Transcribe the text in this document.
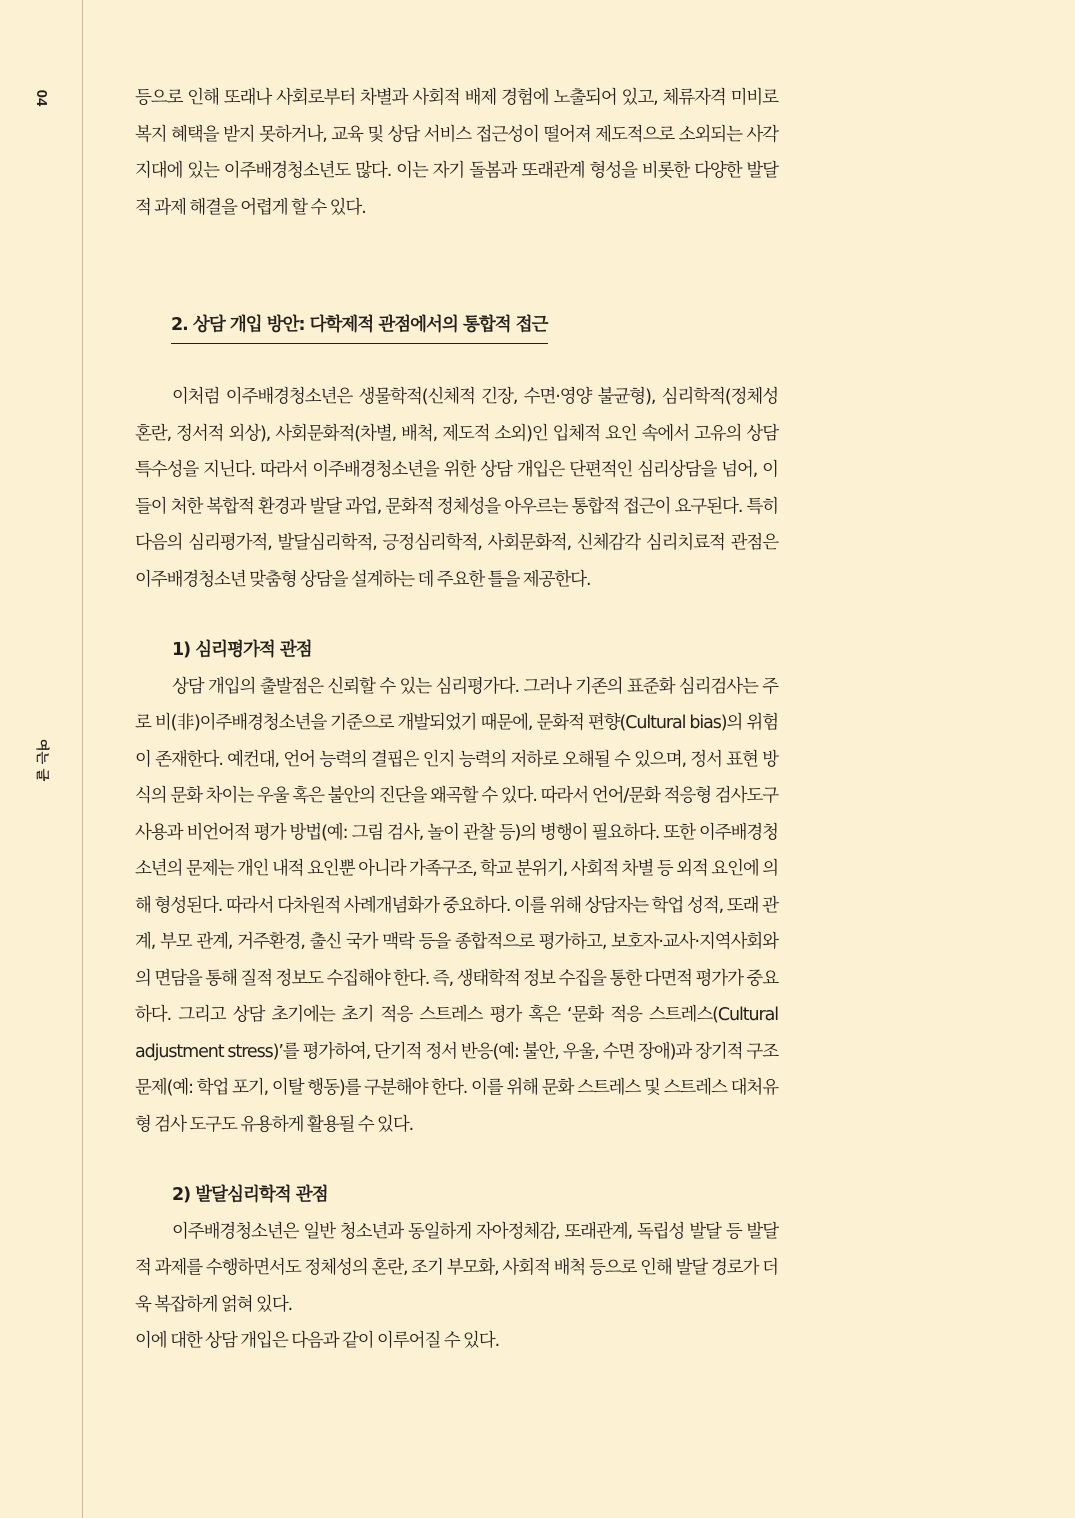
04
여는 글

등으로 인해 또래나 사회로부터 차별과 사회적 배제 경험에 노출되어 있고, 체류자격 미비로 복지 혜택을 받지 못하거나, 교육 및 상담 서비스 접근성이 떨어져 제도적으로 소외되는 사각지대에 있는 이주배경청소년도 많다. 이는 자기 돌봄과 또래관계 형성을 비롯한 다양한 발달적 과제 해결을 어렵게 할 수 있다.

2. 상담 개입 방안: 다학제적 관점에서의 통합적 접근

이처럼 이주배경청소년은 생물학적(신체적 긴장, 수면·영양 불균형), 심리학적(정체성 혼란, 정서적 외상), 사회문화적(차별, 배척, 제도적 소외)인 입체적 요인 속에서 고유의 상담 특수성을 지닌다. 따라서 이주배경청소년을 위한 상담 개입은 단편적인 심리상담을 넘어, 이들이 처한 복합적 환경과 발달 과업, 문화적 정체성을 아우르는 통합적 접근이 요구된다. 특히 다음의 심리평가적, 발달심리학적, 긍정심리학적, 사회문화적, 신체감각 심리치료적 관점은 이주배경청소년 맞춤형 상담을 설계하는 데 주요한 틀을 제공한다.

1) 심리평가적 관점

상담 개입의 출발점은 신뢰할 수 있는 심리평가다. 그러나 기존의 표준화 심리검사는 주로 비(非)이주배경청소년을 기준으로 개발되었기 때문에, 문화적 편향(Cultural bias)의 위험이 존재한다. 예컨대, 언어 능력의 결핍은 인지 능력의 저하로 오해될 수 있으며, 정서 표현 방식의 문화 차이는 우울 혹은 불안의 진단을 왜곡할 수 있다. 따라서 언어/문화 적응형 검사도구 사용과 비언어적 평가 방법(예: 그림 검사, 놀이 관찰 등)의 병행이 필요하다. 또한 이주배경청소년의 문제는 개인 내적 요인뿐 아니라 가족구조, 학교 분위기, 사회적 차별 등 외적 요인에 의해 형성된다. 따라서 다차원적 사례개념화가 중요하다. 이를 위해 상담자는 학업 성적, 또래 관계, 부모 관계, 거주환경, 출신 국가 맥락 등을 종합적으로 평가하고, 보호자·교사·지역사회와의 면담을 통해 질적 정보도 수집해야 한다. 즉, 생태학적 정보 수집을 통한 다면적 평가가 중요하다. 그리고 상담 초기에는 초기 적응 스트레스 평가 혹은 ‘문화 적응 스트레스(Cultural adjustment stress)’를 평가하여, 단기적 정서 반응(예: 불안, 우울, 수면 장애)과 장기적 구조 문제(예: 학업 포기, 이탈 행동)를 구분해야 한다. 이를 위해 문화 스트레스 및 스트레스 대처유형 검사 도구도 유용하게 활용될 수 있다.

2) 발달심리학적 관점

이주배경청소년은 일반 청소년과 동일하게 자아정체감, 또래관계, 독립성 발달 등 발달적 과제를 수행하면서도 정체성의 혼란, 조기 부모화, 사회적 배척 등으로 인해 발달 경로가 더욱 복잡하게 얽혀 있다.

이에 대한 상담 개입은 다음과 같이 이루어질 수 있다.
